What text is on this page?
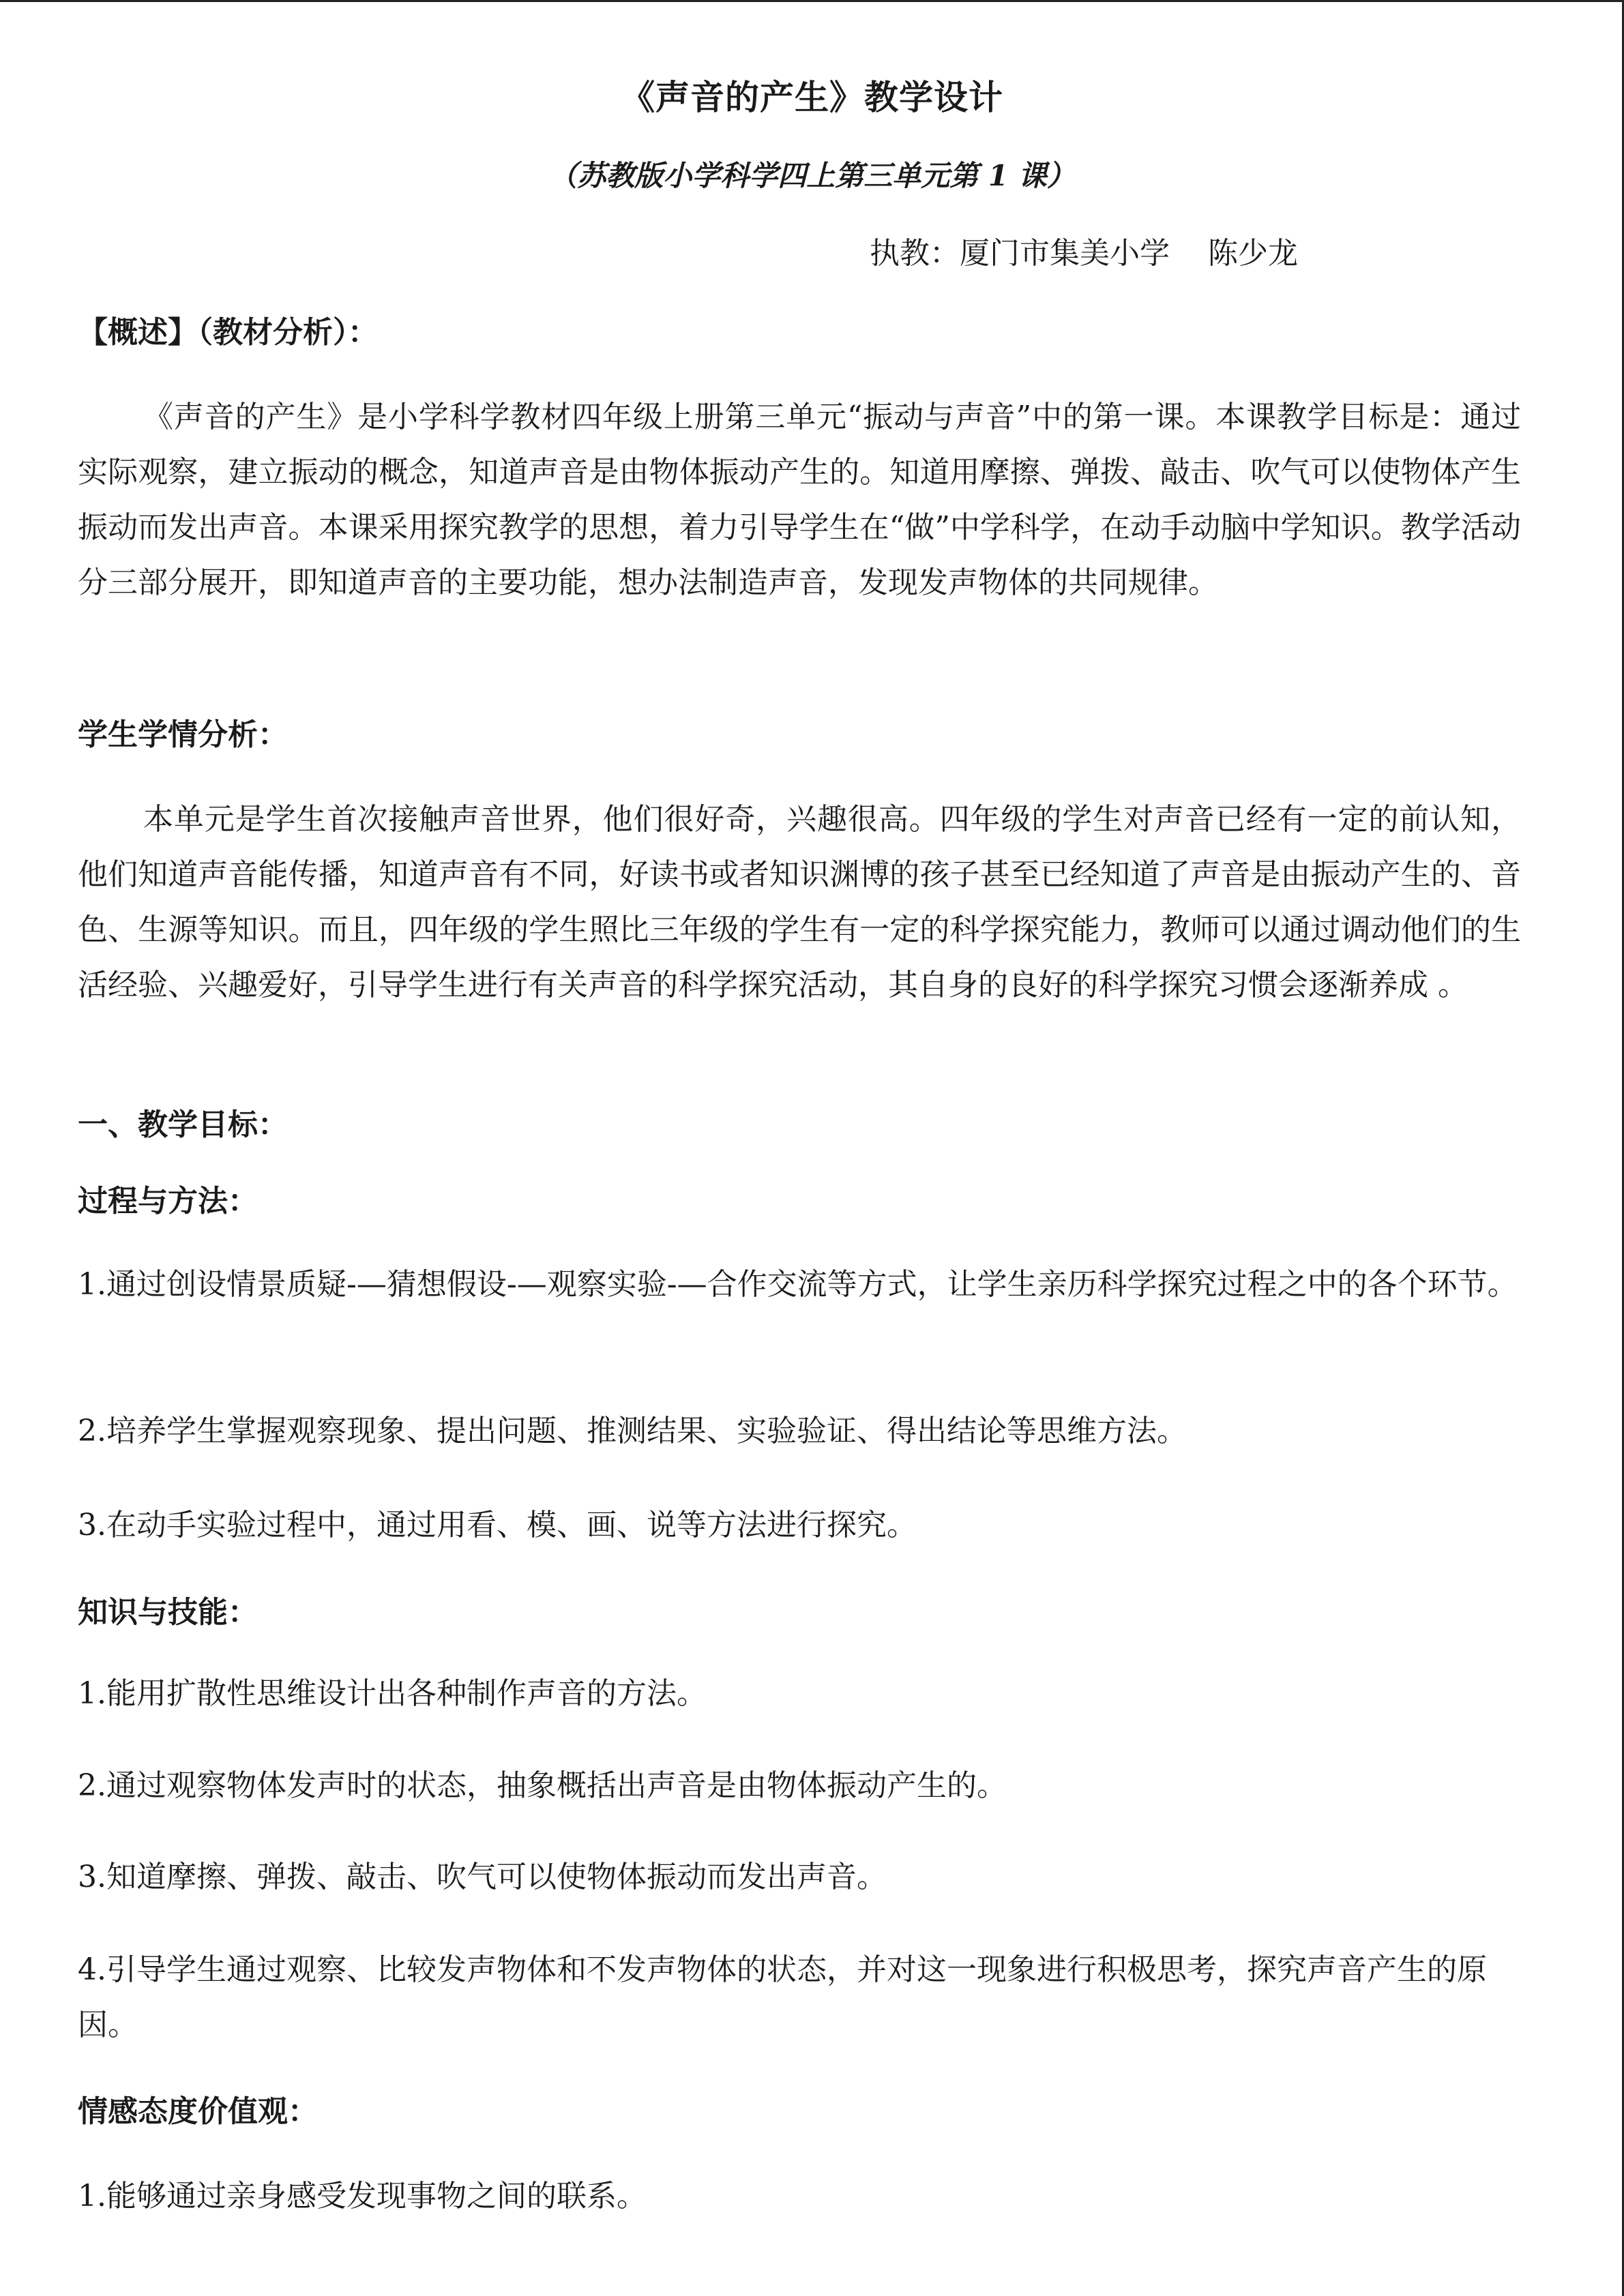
《声音的产生》教学设计
（苏教版小学科学四上第三单元第 1 课）
执教：厦门市集美小学    陈少龙
【概述】（教材分析）：

《声音的产生》是小学科学教材四年级上册第三单元“振动与声音”中的第一课。本课教学目标是：通过实际观察，建立振动的概念，知道声音是由物体振动产生的。知道用摩擦、弹拨、敲击、吹气可以使物体产生振动而发出声音。本课采用探究教学的思想，着力引导学生在“做”中学科学，在动手动脑中学知识。教学活动分三部分展开，即知道声音的主要功能，想办法制造声音，发现发声物体的共同规律。

学生学情分析：

本单元是学生首次接触声音世界，他们很好奇，兴趣很高。四年级的学生对声音已经有一定的前认知，他们知道声音能传播，知道声音有不同，好读书或者知识渊博的孩子甚至已经知道了声音是由振动产生的、音色、生源等知识。而且，四年级的学生照比三年级的学生有一定的科学探究能力，教师可以通过调动他们的生活经验、兴趣爱好，引导学生进行有关声音的科学探究活动，其自身的良好的科学探究习惯会逐渐养成 。

一、教学目标：
过程与方法：

1.通过创设情景质疑-—猜想假设-—观察实验-—合作交流等方式，让学生亲历科学探究过程之中的各个环节。

2.培养学生掌握观察现象、提出问题、推测结果、实验验证、得出结论等思维方法。

3.在动手实验过程中，通过用看、模、画、说等方法进行探究。

知识与技能：

1.能用扩散性思维设计出各种制作声音的方法。

2.通过观察物体发声时的状态，抽象概括出声音是由物体振动产生的。

3.知道摩擦、弹拨、敲击、吹气可以使物体振动而发出声音。

4.引导学生通过观察、比较发声物体和不发声物体的状态，并对这一现象进行积极思考，探究声音产生的原因。

情感态度价值观：

1.能够通过亲身感受发现事物之间的联系。
